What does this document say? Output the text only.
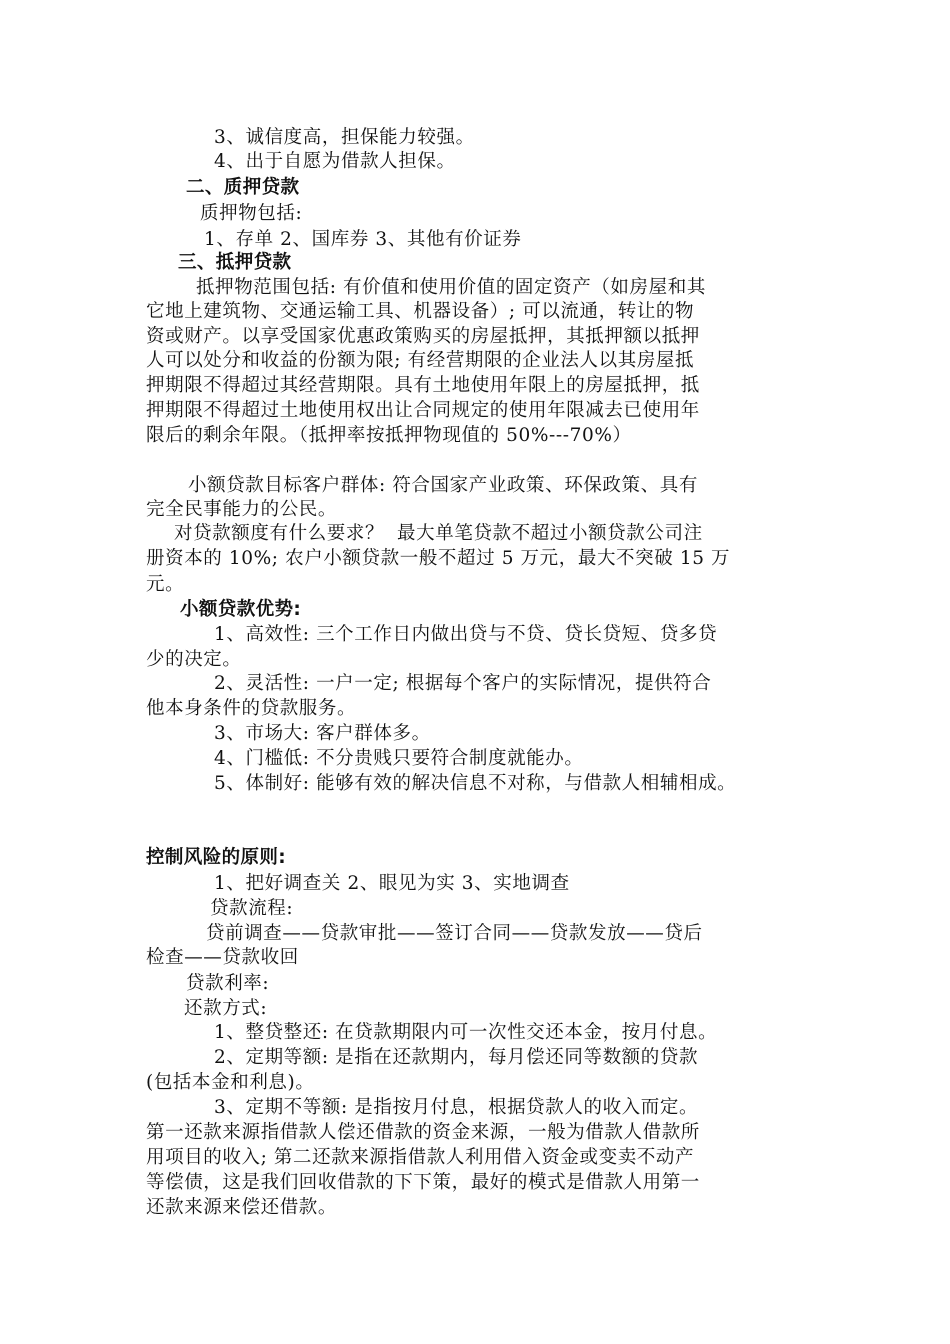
3、诚信度高，担保能力较强。
4、出于自愿为借款人担保。
二、质押贷款
质押物包括:
1、存单 2、国库券 3、其他有价证券
三、抵押贷款
抵押物范围包括: 有价值和使用价值的固定资产（如房屋和其
它地上建筑物、交通运输工具、机器设备）; 可以流通，转让的物
资或财产。以享受国家优惠政策购买的房屋抵押，其抵押额以抵押
人可以处分和收益的份额为限; 有经营期限的企业法人以其房屋抵
押期限不得超过其经营期限。具有土地使用年限上的房屋抵押，抵
押期限不得超过土地使用权出让合同规定的使用年限减去已使用年
限后的剩余年限。（抵押率按抵押物现值的 50%---70%）
小额贷款目标客户群体: 符合国家产业政策、环保政策、具有
完全民事能力的公民。
对贷款额度有什么要求？  最大单笔贷款不超过小额贷款公司注
册资本的 10%; 农户小额贷款一般不超过 5 万元，最大不突破 15 万
元。
小额贷款优势:
1、高效性: 三个工作日内做出贷与不贷、贷长贷短、贷多贷
少的决定。
2、灵活性: 一户一定; 根据每个客户的实际情况，提供符合
他本身条件的贷款服务。
3、市场大: 客户群体多。
4、门槛低: 不分贵贱只要符合制度就能办。
5、体制好: 能够有效的解决信息不对称，与借款人相辅相成。
控制风险的原则:
1、把好调查关 2、眼见为实 3、实地调查
贷款流程:
贷前调查——贷款审批——签订合同——贷款发放——贷后
检查——贷款收回
贷款利率:
还款方式:
1、整贷整还: 在贷款期限内可一次性交还本金，按月付息。
2、定期等额: 是指在还款期内，每月偿还同等数额的贷款
(包括本金和利息)。
3、定期不等额: 是指按月付息，根据贷款人的收入而定。
第一还款来源指借款人偿还借款的资金来源，一般为借款人借款所
用项目的收入; 第二还款来源指借款人利用借入资金或变卖不动产
等偿债，这是我们回收借款的下下策，最好的模式是借款人用第一
还款来源来偿还借款。
